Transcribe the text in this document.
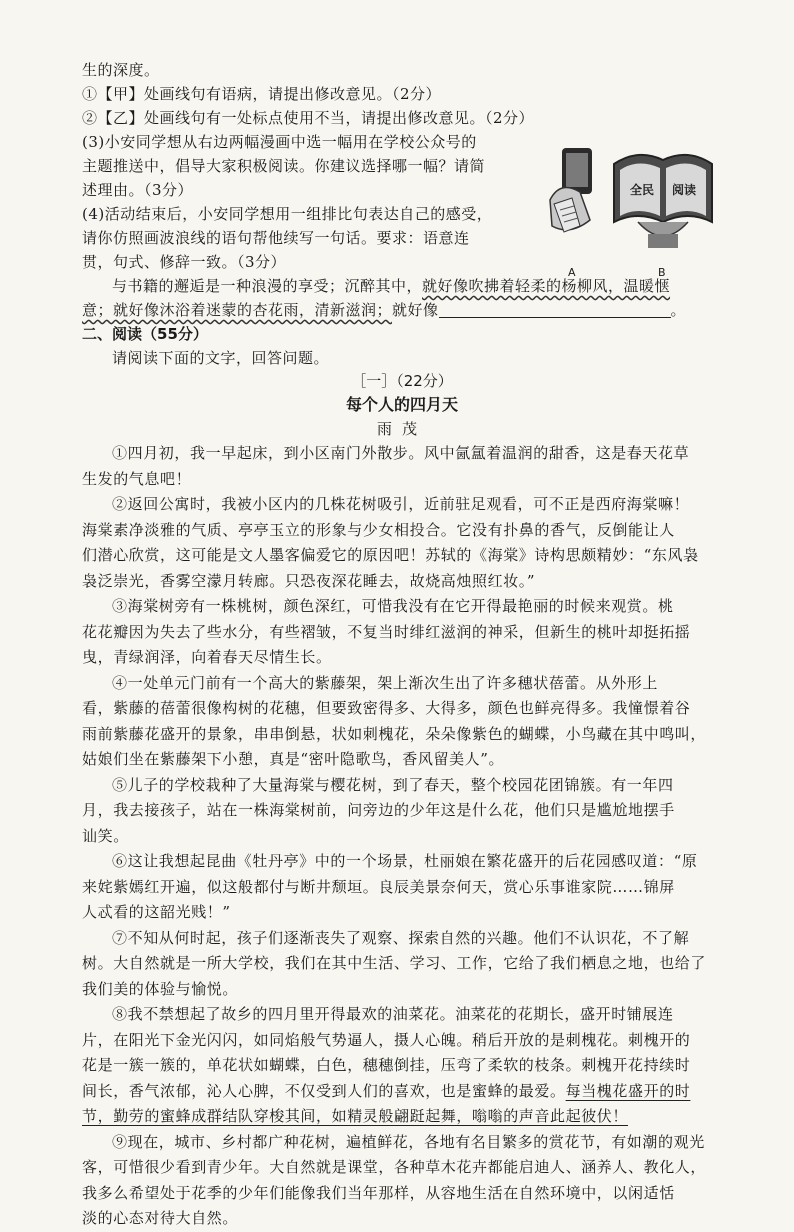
生的深度。

①【甲】处画线句有语病，请提出修改意见。（2分）

②【乙】处画线句有一处标点使用不当，请提出修改意见。（2分）

(3)小安同学想从右边两幅漫画中选一幅用在学校公众号的

主题推送中，倡导大家积极阅读。你建议选择哪一幅？请简

述理由。（3分）

(4)活动结束后，小安同学想用一组排比句表达自己的感受，

请你仿照画波浪线的语句帮他续写一句话。要求：语意连

贯，句式、修辞一致。（3分）

与书籍的邂逅是一种浪漫的享受；沉醉其中，就好像吹拂着轻柔的杨柳风，温暖惬

意；就好像沐浴着迷蒙的杏花雨，清新滋润；就好像	。

二、阅读（55分）

请阅读下面的文字，回答问题。

［一］（22分）

每个人的四月天

雨茂

①四月初，我一早起床，到小区南门外散步。风中氤氲着温润的甜香，这是春天花草

生发的气息吧！

②返回公寓时，我被小区内的几株花树吸引，近前驻足观看，可不正是西府海棠嘛！

海棠素净淡雅的气质、亭亭玉立的形象与少女相投合。它没有扑鼻的香气，反倒能让人

们潜心欣赏，这可能是文人墨客偏爱它的原因吧！苏轼的《海棠》诗构思颇精妙：“东风袅

袅泛崇光，香雾空濛月转廊。只恐夜深花睡去，故烧高烛照红妆。”

③海棠树旁有一株桃树，颜色深红，可惜我没有在它开得最艳丽的时候来观赏。桃

花花瓣因为失去了些水分，有些褶皱，不复当时绯红滋润的神采，但新生的桃叶却挺拓摇

曳，青绿润泽，向着春天尽情生长。

④一处单元门前有一个高大的紫藤架，架上渐次生出了许多穗状蓓蕾。从外形上

看，紫藤的蓓蕾很像构树的花穗，但要致密得多、大得多，颜色也鲜亮得多。我憧憬着谷

雨前紫藤花盛开的景象，串串倒悬，状如刺槐花，朵朵像紫色的蝴蝶，小鸟藏在其中鸣叫，

姑娘们坐在紫藤架下小憩，真是“密叶隐歌鸟，香风留美人”。

⑤儿子的学校栽种了大量海棠与樱花树，到了春天，整个校园花团锦簇。有一年四

月，我去接孩子，站在一株海棠树前，问旁边的少年这是什么花，他们只是尴尬地摆手

讪笑。

⑥这让我想起昆曲《牡丹亭》中的一个场景，杜丽娘在繁花盛开的后花园感叹道：“原

来姹紫嫣红开遍，似这般都付与断井颓垣。良辰美景奈何天，赏心乐事谁家院……锦屏

人忒看的这韶光贱！”

⑦不知从何时起，孩子们逐渐丧失了观察、探索自然的兴趣。他们不认识花，不了解

树。大自然就是一所大学校，我们在其中生活、学习、工作，它给了我们栖息之地，也给了

我们美的体验与愉悦。

⑧我不禁想起了故乡的四月里开得最欢的油菜花。油菜花的花期长，盛开时铺展连

片，在阳光下金光闪闪，如同焰般气势逼人，摄人心魄。稍后开放的是刺槐花。刺槐开的

花是一簇一簇的，单花状如蝴蝶，白色，穗穗倒挂，压弯了柔软的枝条。刺槐开花持续时

间长，香气浓郁，沁人心脾，不仅受到人们的喜欢，也是蜜蜂的最爱。每当槐花盛开的时

节，勤劳的蜜蜂成群结队穿梭其间，如精灵般翩跹起舞，嗡嗡的声音此起彼伏！

⑨现在，城市、乡村都广种花树，遍植鲜花，各地有名目繁多的赏花节，有如潮的观光

客，可惜很少看到青少年。大自然就是课堂，各种草木花卉都能启迪人、涵养人、教化人，

我多么希望处于花季的少年们能像我们当年那样，从容地生活在自然环境中，以闲适恬

淡的心态对待大自然。

A
全民 阅读
B
